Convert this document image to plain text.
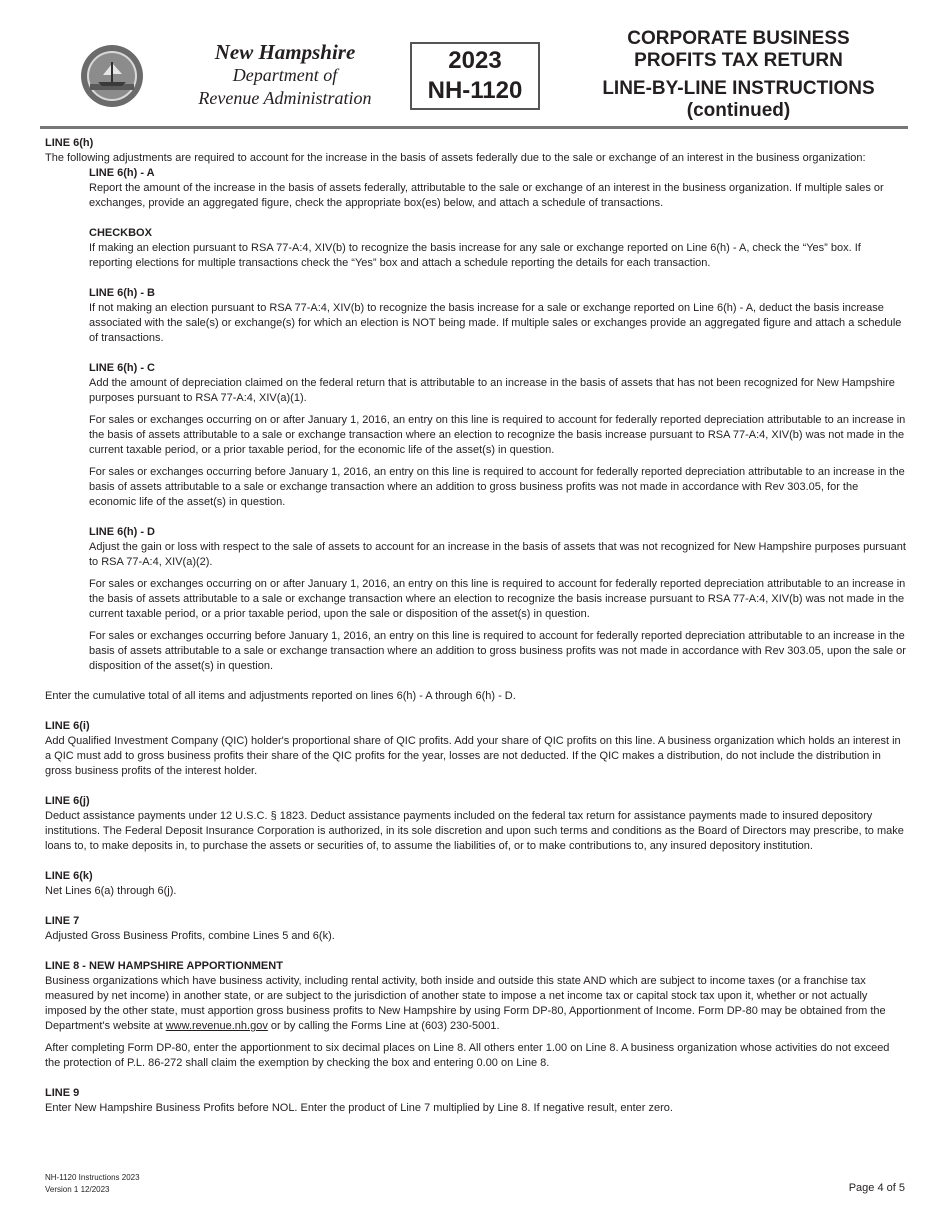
New Hampshire
Department of
Revenue Administration
2023
NH-1120
CORPORATE BUSINESS
PROFITS TAX RETURN
LINE-BY-LINE INSTRUCTIONS
(continued)

LINE 6(h)

The following adjustments are required to account for the increase in the basis of assets federally due to the sale or exchange of an interest in the business organization:

LINE 6(h) - A

Report the amount of the increase in the basis of assets federally, attributable to the sale or exchange of an interest in the business organization. If multiple sales or exchanges, provide an aggregated figure, check the appropriate box(es) below, and attach a schedule of transactions.

CHECKBOX

If making an election pursuant to RSA 77-A:4, XIV(b) to recognize the basis increase for any sale or exchange reported on Line 6(h) - A, check the “Yes” box. If reporting elections for multiple transactions check the “Yes” box and attach a schedule reporting the details for each transaction.

LINE 6(h) - B

If not making an election pursuant to RSA 77-A:4, XIV(b) to recognize the basis increase for a sale or exchange reported on Line 6(h) - A, deduct the basis increase associated with the sale(s) or exchange(s) for which an election is NOT being made. If multiple sales or exchanges provide an aggregated figure and attach a schedule of transactions.

LINE 6(h) - C

Add the amount of depreciation claimed on the federal return that is attributable to an increase in the basis of assets that has not been recognized for New Hampshire purposes pursuant to RSA 77-A:4, XIV(a)(1).

For sales or exchanges occurring on or after January 1, 2016, an entry on this line is required to account for federally reported depreciation attributable to an increase in the basis of assets attributable to a sale or exchange transaction where an election to recognize the basis increase pursuant to RSA 77-A:4, XIV(b) was not made in the current taxable period, or a prior taxable period, for the economic life of the asset(s) in question.

For sales or exchanges occurring before January 1, 2016, an entry on this line is required to account for federally reported depreciation attributable to an increase in the basis of assets attributable to a sale or exchange transaction where an addition to gross business profits was not made in accordance with Rev 303.05, for the economic life of the asset(s) in question.

LINE 6(h) - D

Adjust the gain or loss with respect to the sale of assets to account for an increase in the basis of assets that was not recognized for New Hampshire purposes pursuant to RSA 77-A:4, XIV(a)(2).

For sales or exchanges occurring on or after January 1, 2016, an entry on this line is required to account for federally reported depreciation attributable to an increase in the basis of assets attributable to a sale or exchange transaction where an election to recognize the basis increase pursuant to RSA 77-A:4, XIV(b) was not made in the current taxable period, or a prior taxable period, upon the sale or disposition of the asset(s) in question.

For sales or exchanges occurring before January 1, 2016, an entry on this line is required to account for federally reported depreciation attributable to an increase in the basis of assets attributable to a sale or exchange transaction where an addition to gross business profits was not made in accordance with Rev 303.05, upon the sale or disposition of the asset(s) in question.

Enter the cumulative total of all items and adjustments reported on lines 6(h) - A through 6(h) - D.

LINE 6(i)

Add Qualified Investment Company (QIC) holder's proportional share of QIC profits. Add your share of QIC profits on this line. A business organization which holds an interest in a QIC must add to gross business profits their share of the QIC profits for the year, losses are not deducted. If the QIC makes a distribution, do not include the distribution in gross business profits of the interest holder.

LINE 6(j)

Deduct assistance payments under 12 U.S.C. § 1823. Deduct assistance payments included on the federal tax return for assistance payments made to insured depository institutions. The Federal Deposit Insurance Corporation is authorized, in its sole discretion and upon such terms and conditions as the Board of Directors may prescribe, to make loans to, to make deposits in, to purchase the assets or securities of, to assume the liabilities of, or to make contributions to, any insured depository institution.

LINE 6(k)

Net Lines 6(a) through 6(j).

LINE 7

Adjusted Gross Business Profits, combine Lines 5 and 6(k).

LINE 8 - NEW HAMPSHIRE APPORTIONMENT

Business organizations which have business activity, including rental activity, both inside and outside this state AND which are subject to income taxes (or a franchise tax measured by net income) in another state, or are subject to the jurisdiction of another state to impose a net income tax or capital stock tax upon it, whether or not actually imposed by the other state, must apportion gross business profits to New Hampshire by using Form DP-80, Apportionment of Income. Form DP-80 may be obtained from the Department's website at www.revenue.nh.gov or by calling the Forms Line at (603) 230-5001.

After completing Form DP-80, enter the apportionment to six decimal places on Line 8. All others enter 1.00 on Line 8. A business organization whose activities do not exceed the protection of P.L. 86-272 shall claim the exemption by checking the box and entering 0.00 on Line 8.

LINE 9

Enter New Hampshire Business Profits before NOL. Enter the product of Line 7 multiplied by Line 8. If negative result, enter zero.

NH-1120 Instructions 2023
Version 1 12/2023	Page 4 of 5
